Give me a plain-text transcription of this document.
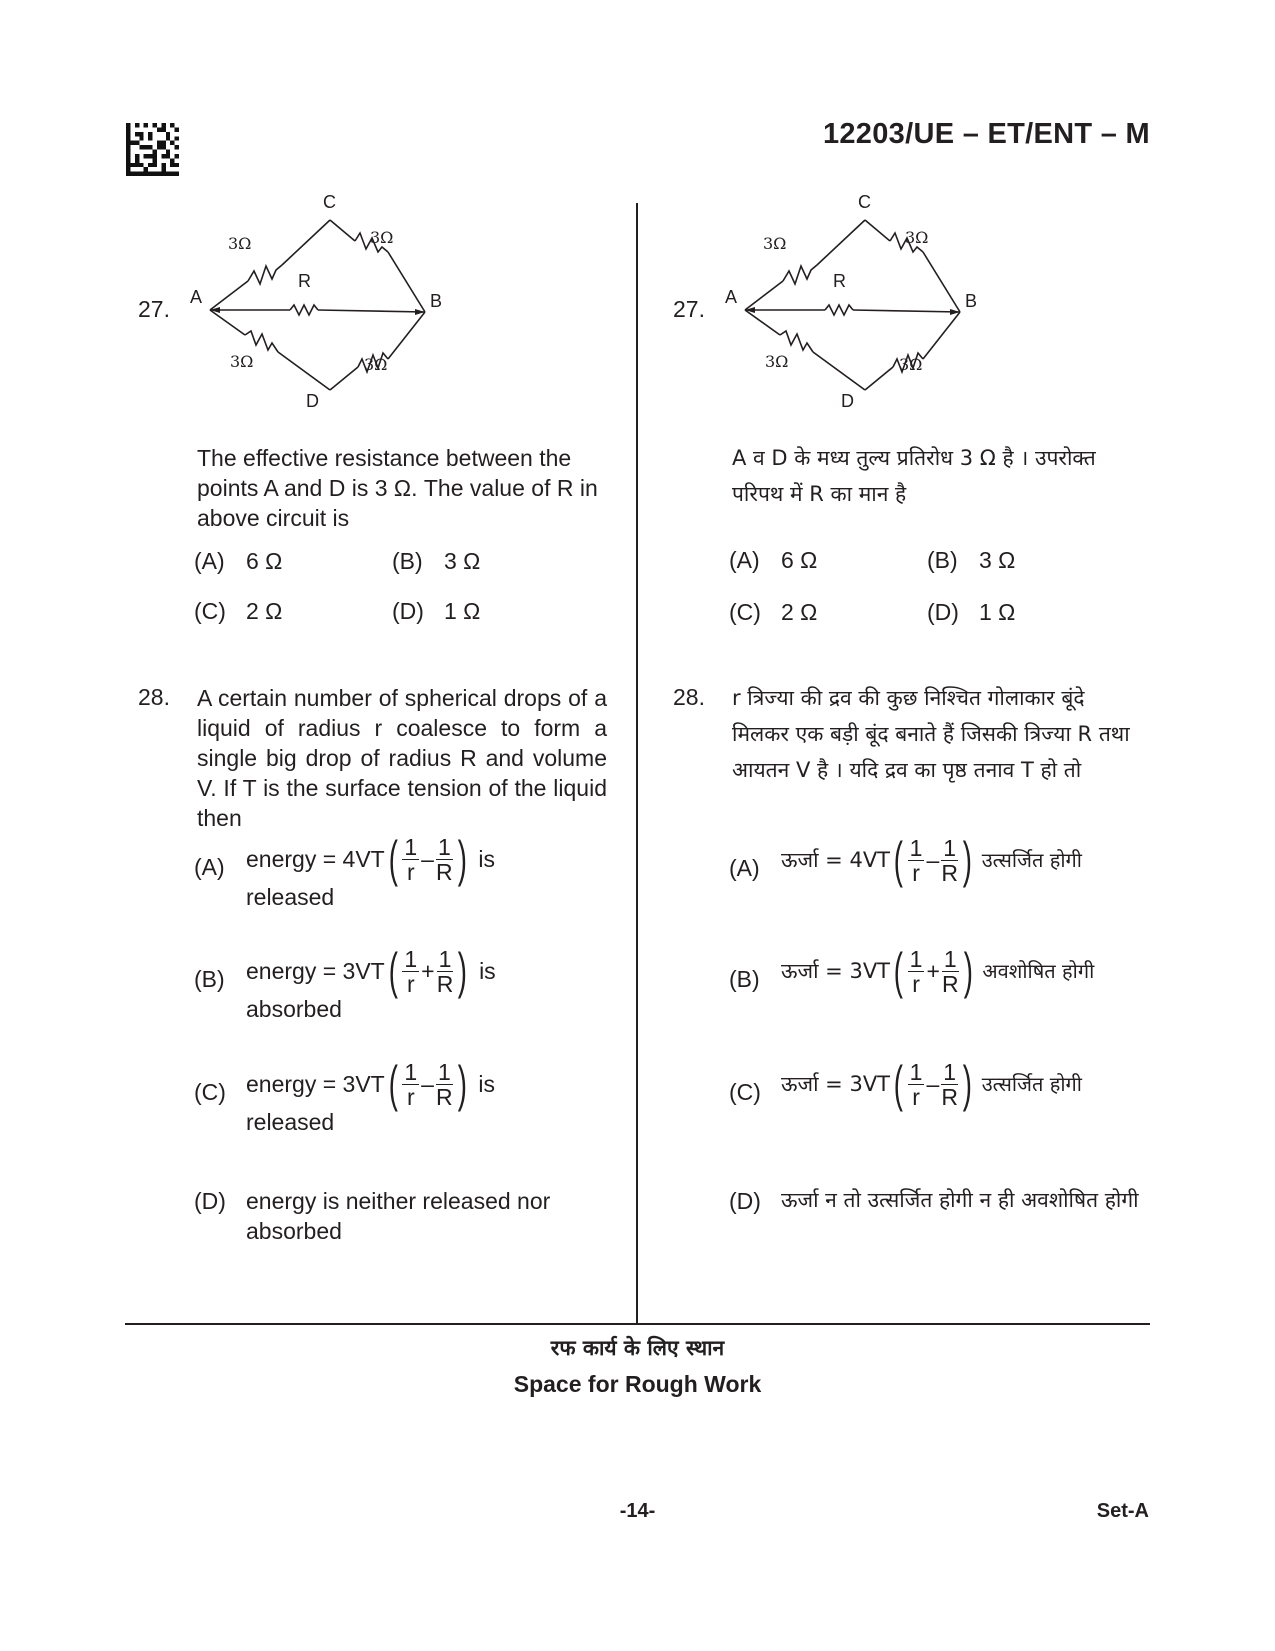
12203/UE – ET/ENT – M
27. A	B
C
D
R
3Ω	3Ω
3Ω	3Ω
The effective resistance between the points A and D is 3 Ω. The value of R in above circuit is
(A) 6 Ω	(B) 3 Ω
(C) 2 Ω	(D) 1 Ω
28. A certain number of spherical drops of a liquid of radius r coalesce to form a single big drop of radius R and volume V. If T is the surface tension of the liquid then
(A) energy = 4VT ( $\frac{1}{r} - \frac{1}{R}$ ) is
released
(B) energy = 3VT ( $\frac{1}{r} + \frac{1}{R}$ ) is
absorbed
(C) energy = 3VT ( $\frac{1}{r} - \frac{1}{R}$ ) is
released
(D) energy is neither released nor absorbed
27. A	B
C
D
R
3Ω	3Ω
3Ω	3Ω
A व D के मध्य तुल्य प्रतिरोध 3 Ω है । उपरोक्त परिपथ में R का मान है
(A) 6 Ω	(B) 3 Ω
(C) 2 Ω	(D) 1 Ω
28. r त्रिज्या की द्रव की कुछ निश्चित गोलाकार बूंदे मिलकर एक बड़ी बूंद बनाते हैं जिसकी त्रिज्या R तथा आयतन V है । यदि द्रव का पृष्ठ तनाव T हो तो
(A) ऊर्जा = 4VT ( $\frac{1}{r} - \frac{1}{R}$ ) उत्सर्जित होगी
(B) ऊर्जा = 3VT ( $\frac{1}{r} + \frac{1}{R}$ ) अवशोषित होगी
(C) ऊर्जा = 3VT ( $\frac{1}{r} - \frac{1}{R}$ ) उत्सर्जित होगी
(D) ऊर्जा न तो उत्सर्जित होगी न ही अवशोषित होगी
रफ कार्य के लिए स्थान
Space for Rough Work
-14-	Set-A
